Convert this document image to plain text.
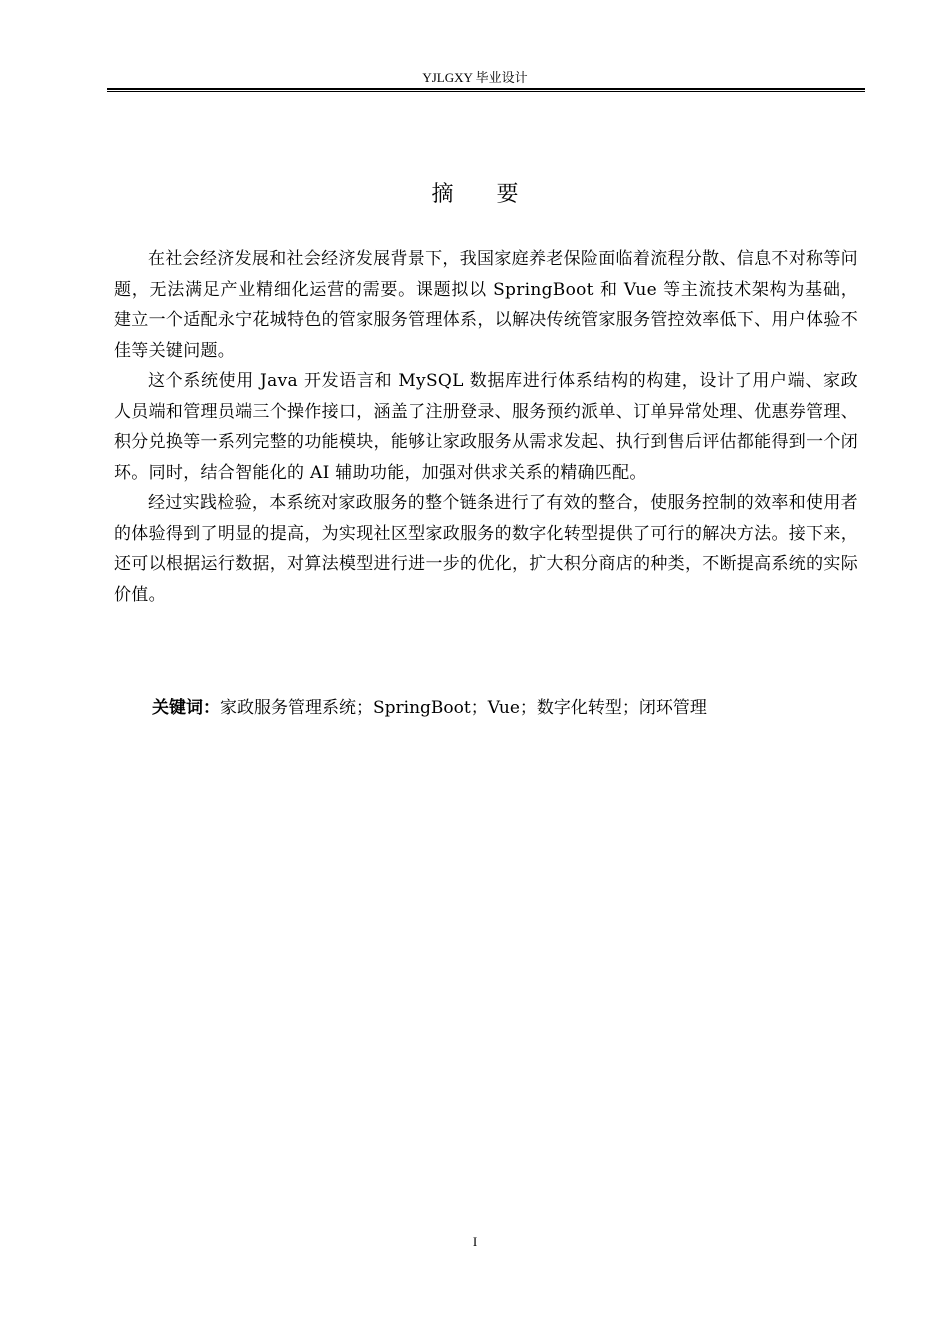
YJLGXY 毕业设计
摘 要

在社会经济发展和社会经济发展背景下，我国家庭养老保险面临着流程分散、信息不对称等问题，无法满足产业精细化运营的需要。课题拟以 SpringBoot 和 Vue 等主流技术架构为基础，建立一个适配永宁花城特色的管家服务管理体系，以解决传统管家服务管控效率低下、用户体验不佳等关键问题。

这个系统使用 Java 开发语言和 MySQL 数据库进行体系结构的构建，设计了用户端、家政人员端和管理员端三个操作接口，涵盖了注册登录、服务预约派单、订单异常处理、优惠券管理、积分兑换等一系列完整的功能模块，能够让家政服务从需求发起、执行到售后评估都能得到一个闭环。同时，结合智能化的 AI 辅助功能，加强对供求关系的精确匹配。

经过实践检验，本系统对家政服务的整个链条进行了有效的整合，使服务控制的效率和使用者的体验得到了明显的提高，为实现社区型家政服务的数字化转型提供了可行的解决方法。接下来，还可以根据运行数据，对算法模型进行进一步的优化，扩大积分商店的种类，不断提高系统的实际价值。

关键词：家政服务管理系统；SpringBoot；Vue；数字化转型；闭环管理
I
